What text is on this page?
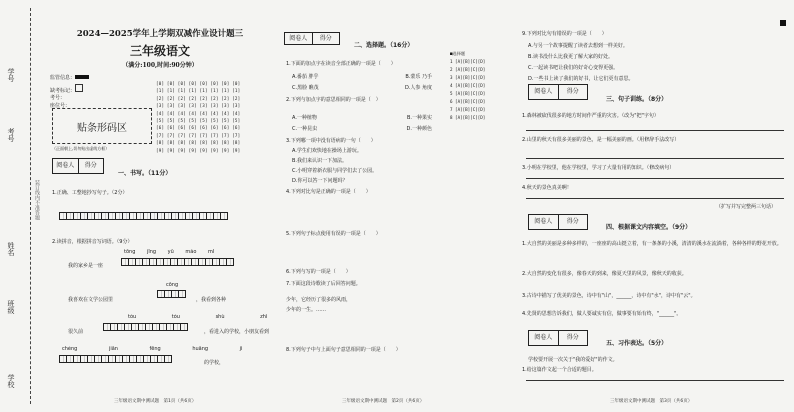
学号
考号
姓名
班级
学校
装订线内不准答题
2024—2025学年上学期双减作业设计题三
三年级语文
（满分:100,时间:90分钟）
监管信息：
缺考标记：
考号：
座位号：
贴条形码区
（正面朝上,切勿贴出虚线方框）
[0] [0] [0] [0] [0] [0] [0] [0]
[1] [1] [1] [1] [1] [1] [1] [1]
[2] [2] [2] [2] [2] [2] [2] [2]
[3] [3] [3] [3] [3] [3] [3] [3]
[4] [4] [4] [4] [4] [4] [4] [4]
[5] [5] [5] [5] [5] [5] [5] [5]
[6] [6] [6] [6] [6] [6] [6] [6]
[7] [7] [7] [7] [7] [7] [7] [7]
[8] [8] [8] [8] [8] [8] [8] [8]
[9] [9] [9] [9] [9] [9] [9] [9]
阅卷人	得分
一、书写。（11分）
1.正确、工整地抄写句子。（2分）
2.读拼音，根据拼音写词语。（9分）
tōng jīng yǔ máo mǐ
我的家乡是一座
cōng
我喜欢在文学公园里	，我看到各种
tóu tóu	shù zhī
很久前	，看进入的学校，小朋友看到
chéng	jiān fēng	huāng jì
的学校，
三年级语文期中测试题　第1页（共6页）
阅卷人	得分
二、选择题。（16分）
1.下面的加点字在读音全部正确的一项是（　　）
A.番茄 胖乎	B.蒙乐 乃手
C.黑脸 瞧茂	D.人参 角度
2.下列与加点字的意思相同的一项是（　）
A.一种植物	B.一种果实
C.一种昆虫	D.一种颜色
3.下列哪一项中没有语病的一句（　　）
A.学生们欢快地在操场上游玩。
B.我们来认识一下加法。
C.小明穿着新衣服与同学们去了公园。
D.你可以答一下问题吗？
4.下列对比句是正确的一项是（　　）
5.下列句子标点使用有误的一项是（　　）
6.下列与写的一项是（　　）
7.下面这段诗歌读了后回答问题。
少年，它经历了很多的风雨，
少年的一生。……
8.下列句子中与上面句子意思相同的一项是（　　）
三年级语文期中测试题　第2页（共6页）
■选择题
1 [A][B][C][D]
2 [A][B][C][D]
3 [A][B][C][D]
4 [A][B][C][D]
5 [A][B][C][D]
6 [A][B][C][D]
7 [A][B][C][D]
8 [A][B][C][D]
9.下列对比句有错误的一项是（　　）
A.与另一个故事提醒了读者去想到一样美好。
B.读书没什么比我更了解大家的好处。
C.一起读书吧让我们的好奇心变得更强。
D.一些书上读了我们的好书，让它们更有意思。
阅卷人	得分
三、句子训练。（8分）
1.森林被砍伐很多的地方时间作严重的灾害。（改为"把"字句）
2.山里的秋天有很多美丽的景色，是一幅美丽的画。（用修辞手法改写）
3.小明在学校里，他在学校里，学习了大量有用的知识。（修改病句）
4.秋天的景色真美啊！
（扩写并写完整两三句话）
阅卷人	得分
四、根据课文内容填空。（9分）
1.大自然的美丽是多种多样的，一座座的高山挺立着，有一条条的小溪，清清的溪水在流淌着，各种各样的野花开放。
2.大自然的变化有很多，像春天的到来，像夏天里的风景，像秋天的收获。
3.古诗中描写了优美的景色，诗中有"山"，______，诗中有"水"，诗中有"云"。
4.先贤的思想告诉我们，做人要诚实有信，做事要有始有终，"______"。
阅卷人	得分
五、习作表达。（5分）
学校要开展一次关于"我的爱好"的作文。
1.给这篇作文起一个合适的题目。
三年级语文期中测试题　第3页（共6页）
